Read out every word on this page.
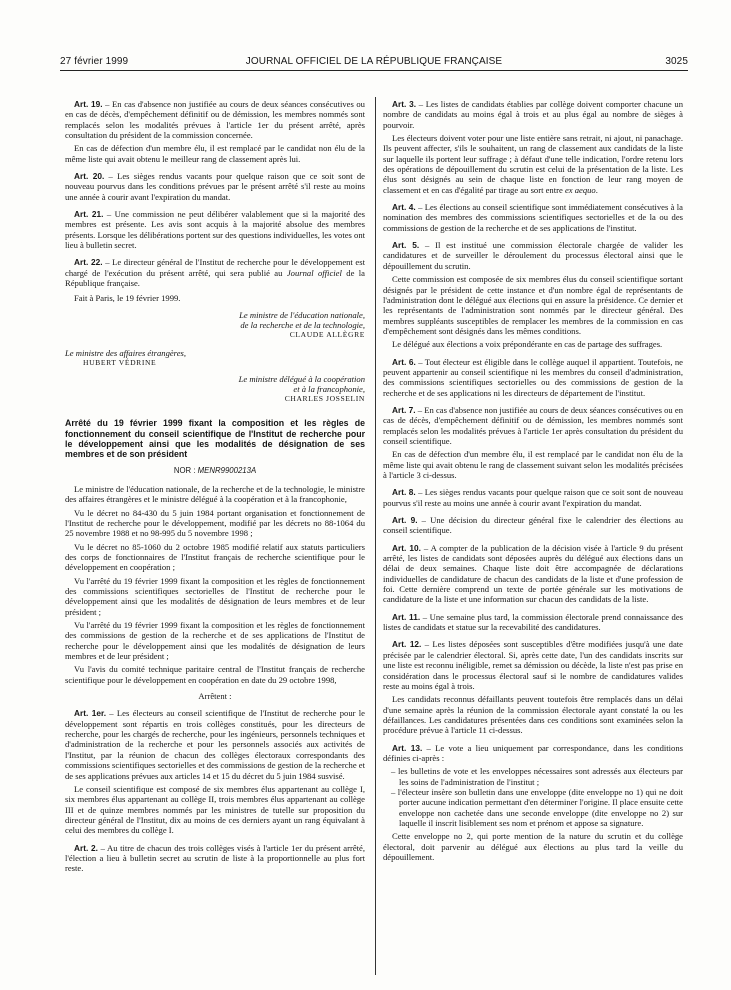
27 février 1999	JOURNAL OFFICIEL DE LA RÉPUBLIQUE FRANÇAISE	3025

Art. 19. – En cas d'absence non justifiée au cours de deux séances consécutives ou en cas de décès, d'empêchement définitif ou de démission, les membres nommés sont remplacés selon les modalités prévues à l'article 1er du présent arrêté, après consultation du président de la commission concernée.

En cas de défection d'un membre élu, il est remplacé par le candidat non élu de la même liste qui avait obtenu le meilleur rang de classement après lui.

Art. 20. – Les sièges rendus vacants pour quelque raison que ce soit sont de nouveau pourvus dans les conditions prévues par le présent arrêté s'il reste au moins une année à courir avant l'expiration du mandat.

Art. 21. – Une commission ne peut délibérer valablement que si la majorité des membres est présente. Les avis sont acquis à la majorité absolue des membres présents. Lorsque les délibérations portent sur des questions individuelles, les votes ont lieu à bulletin secret.

Art. 22. – Le directeur général de l'Institut de recherche pour le développement est chargé de l'exécution du présent arrêté, qui sera publié au Journal officiel de la République française.

Fait à Paris, le 19 février 1999.

Le ministre de l'éducation nationale,

de la recherche et de la technologie,

CLAUDE ALLÈGRE

Le ministre des affaires étrangères,

HUBERT VÉDRINE

Le ministre délégué à la coopération

et à la francophonie,

CHARLES JOSSELIN

Arrêté du 19 février 1999 fixant la composition et les règles de fonctionnement du conseil scientifique de l'Institut de recherche pour le développement ainsi que les modalités de désignation de ses membres et de son président

NOR : MENR9900213A

Le ministre de l'éducation nationale, de la recherche et de la technologie, le ministre des affaires étrangères et le ministre délégué à la coopération et à la francophonie,

Vu le décret no 84-430 du 5 juin 1984 portant organisation et fonctionnement de l'Institut de recherche pour le développement, modifié par les décrets no 88-1064 du 25 novembre 1988 et no 98-995 du 5 novembre 1998 ;

Vu le décret no 85-1060 du 2 octobre 1985 modifié relatif aux statuts particuliers des corps de fonctionnaires de l'Institut français de recherche scientifique pour le développement en coopération ;

Vu l'arrêté du 19 février 1999 fixant la composition et les règles de fonctionnement des commissions scientifiques sectorielles de l'Institut de recherche pour le développement ainsi que les modalités de désignation de leurs membres et de leur président ;

Vu l'arrêté du 19 février 1999 fixant la composition et les règles de fonctionnement des commissions de gestion de la recherche et de ses applications de l'Institut de recherche pour le développement ainsi que les modalités de désignation de leurs membres et de leur président ;

Vu l'avis du comité technique paritaire central de l'Institut français de recherche scientifique pour le développement en coopération en date du 29 octobre 1998,

Arrêtent :

Art. 1er. – Les électeurs au conseil scientifique de l'Institut de recherche pour le développement sont répartis en trois collèges constitués, pour les directeurs de recherche, pour les chargés de recherche, pour les ingénieurs, personnels techniques et d'administration de la recherche et pour les personnels associés aux activités de l'Institut, par la réunion de chacun des collèges électoraux correspondants des commissions scientifiques sectorielles et des commissions de gestion de la recherche et de ses applications prévues aux articles 14 et 15 du décret du 5 juin 1984 susvisé.

Le conseil scientifique est composé de six membres élus appartenant au collège I, six membres élus appartenant au collège II, trois membres élus appartenant au collège III et de quinze membres nommés par les ministres de tutelle sur proposition du directeur général de l'Institut, dix au moins de ces derniers ayant un rang équivalant à celui des membres du collège I.

Art. 2. – Au titre de chacun des trois collèges visés à l'article 1er du présent arrêté, l'élection a lieu à bulletin secret au scrutin de liste à la proportionnelle au plus fort reste.

Art. 3. – Les listes de candidats établies par collège doivent comporter chacune un nombre de candidats au moins égal à trois et au plus égal au nombre de sièges à pourvoir.

Les électeurs doivent voter pour une liste entière sans retrait, ni ajout, ni panachage. Ils peuvent affecter, s'ils le souhaitent, un rang de classement aux candidats de la liste sur laquelle ils portent leur suffrage ; à défaut d'une telle indication, l'ordre retenu lors des opérations de dépouillement du scrutin est celui de la présentation de la liste. Les élus sont désignés au sein de chaque liste en fonction de leur rang moyen de classement et en cas d'égalité par tirage au sort entre ex aequo.

Art. 4. – Les élections au conseil scientifique sont immédiatement consécutives à la nomination des membres des commissions scientifiques sectorielles et de la ou des commissions de gestion de la recherche et de ses applications de l'institut.

Art. 5. – Il est institué une commission électorale chargée de valider les candidatures et de surveiller le déroulement du processus électoral ainsi que le dépouillement du scrutin.

Cette commission est composée de six membres élus du conseil scientifique sortant désignés par le président de cette instance et d'un nombre égal de représentants de l'administration dont le délégué aux élections qui en assure la présidence. Ce dernier et les représentants de l'administration sont nommés par le directeur général. Des membres suppléants susceptibles de remplacer les membres de la commission en cas d'empêchement sont désignés dans les mêmes conditions.

Le délégué aux élections a voix prépondérante en cas de partage des suffrages.

Art. 6. – Tout électeur est éligible dans le collège auquel il appartient. Toutefois, ne peuvent appartenir au conseil scientifique ni les membres du conseil d'administration, des commissions scientifiques sectorielles ou des commissions de gestion de la recherche et de ses applications ni les directeurs de département de l'institut.

Art. 7. – En cas d'absence non justifiée au cours de deux séances consécutives ou en cas de décès, d'empêchement définitif ou de démission, les membres nommés sont remplacés selon les modalités prévues à l'article 1er après consultation du président du conseil scientifique.

En cas de défection d'un membre élu, il est remplacé par le candidat non élu de la même liste qui avait obtenu le rang de classement suivant selon les modalités précisées à l'article 3 ci-dessus.

Art. 8. – Les sièges rendus vacants pour quelque raison que ce soit sont de nouveau pourvus s'il reste au moins une année à courir avant l'expiration du mandat.

Art. 9. – Une décision du directeur général fixe le calendrier des élections au conseil scientifique.

Art. 10. – A compter de la publication de la décision visée à l'article 9 du présent arrêté, les listes de candidats sont déposées auprès du délégué aux élections dans un délai de deux semaines. Chaque liste doit être accompagnée de déclarations individuelles de candidature de chacun des candidats de la liste et d'une profession de foi. Cette dernière comprend un texte de portée générale sur les motivations de candidature de la liste et une information sur chacun des candidats de la liste.

Art. 11. – Une semaine plus tard, la commission électorale prend connaissance des listes de candidats et statue sur la recevabilité des candidatures.

Art. 12. – Les listes déposées sont susceptibles d'être modifiées jusqu'à une date précisée par le calendrier électoral. Si, après cette date, l'un des candidats inscrits sur une liste est reconnu inéligible, remet sa démission ou décède, la liste n'est pas prise en considération dans le processus électoral sauf si le nombre de candidatures valides reste au moins égal à trois.

Les candidats reconnus défaillants peuvent toutefois être remplacés dans un délai d'une semaine après la réunion de la commission électorale ayant constaté la ou les défaillances. Les candidatures présentées dans ces conditions sont examinées selon la procédure prévue à l'article 11 ci-dessus.

Art. 13. – Le vote a lieu uniquement par correspondance, dans les conditions définies ci-après :

– les bulletins de vote et les enveloppes nécessaires sont adressés aux électeurs par les soins de l'administration de l'institut ;
– l'électeur insère son bulletin dans une enveloppe (dite enveloppe no 1) qui ne doit porter aucune indication permettant d'en déterminer l'origine. Il place ensuite cette enveloppe non cachetée dans une seconde enveloppe (dite enveloppe no 2) sur laquelle il inscrit lisiblement ses nom et prénom et appose sa signature.

Cette enveloppe no 2, qui porte mention de la nature du scrutin et du collège électoral, doit parvenir au délégué aux élections au plus tard la veille du dépouillement.
